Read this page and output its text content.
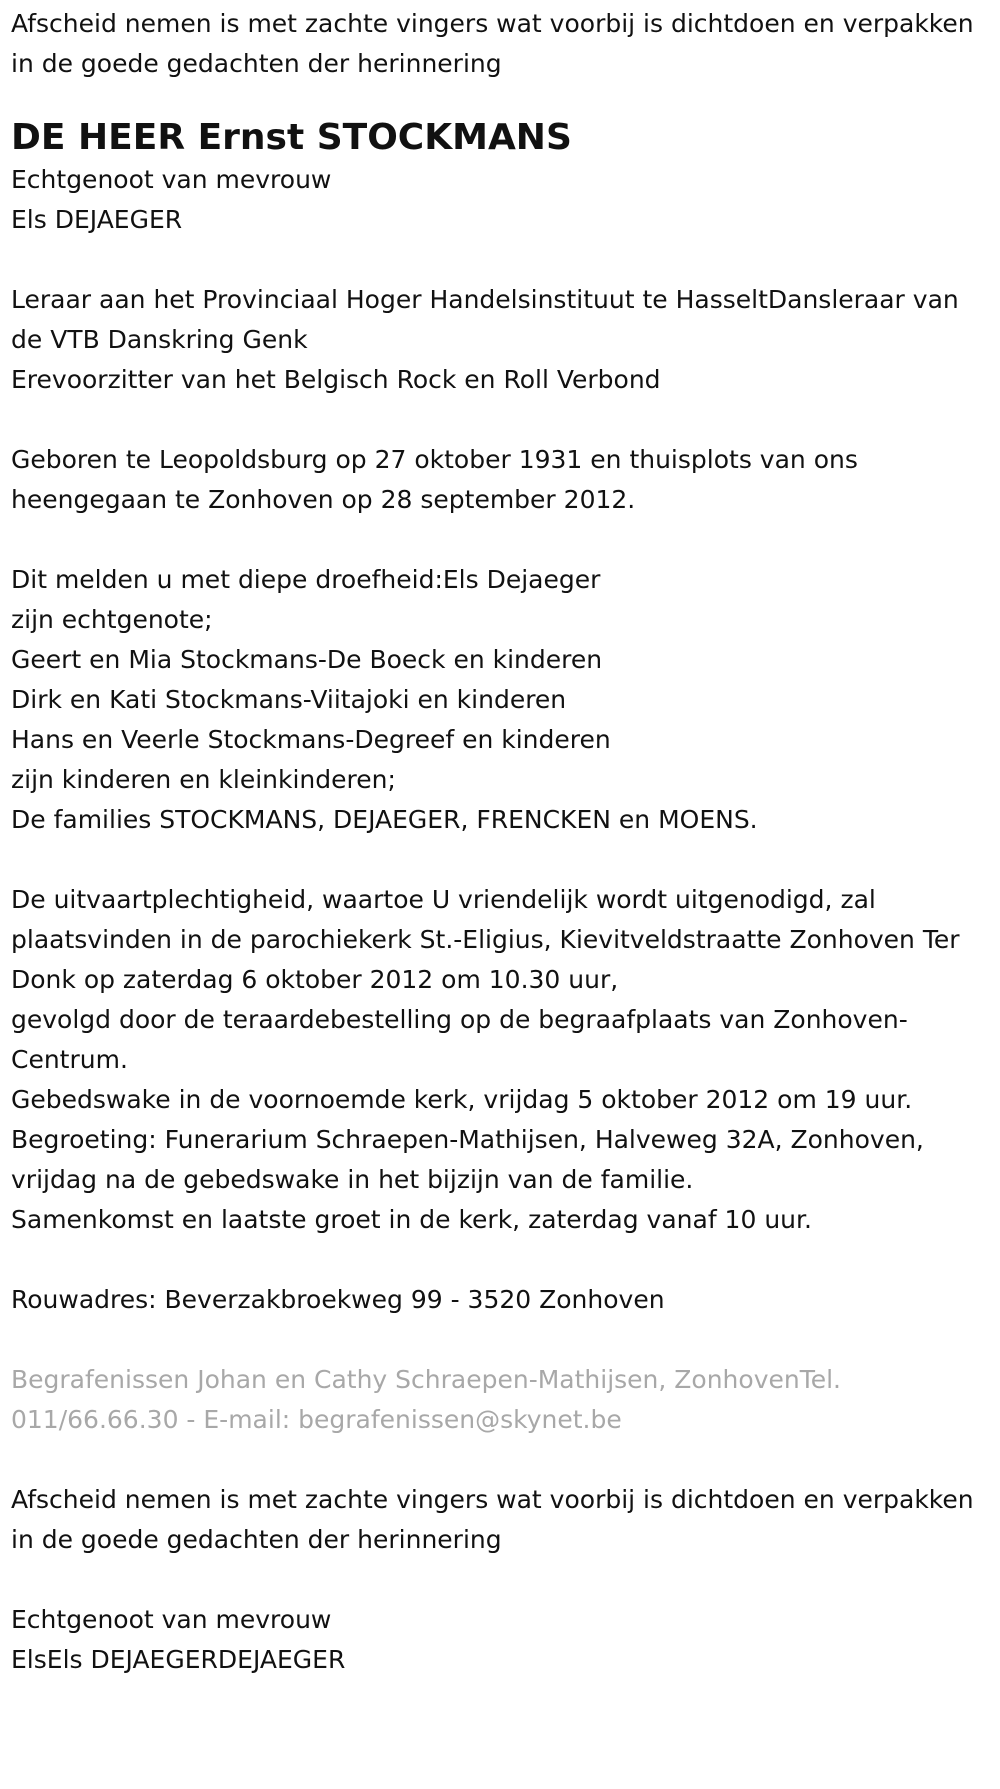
Afscheid nemen is met zachte vingers wat voorbij is dichtdoen en verpakken

in de goede gedachten der herinnering

DE HEER Ernst STOCKMANS

Echtgenoot van mevrouw

Els DEJAEGER

Leraar aan het Provinciaal Hoger Handelsinstituut te HasseltDansleraar van de VTB Danskring Genk

Erevoorzitter van het Belgisch Rock en Roll Verbond

Geboren te Leopoldsburg op 27 oktober 1931 en thuisplots van ons heengegaan te Zonhoven op 28 september 2012.

Dit melden u met diepe droefheid:Els Dejaeger

zijn echtgenote;

Geert en Mia Stockmans-De Boeck en kinderen

Dirk en Kati Stockmans-Viitajoki en kinderen

Hans en Veerle Stockmans-Degreef en kinderen

zijn kinderen en kleinkinderen;

De families STOCKMANS, DEJAEGER, FRENCKEN en MOENS.

De uitvaartplechtigheid, waartoe U vriendelijk wordt uitgenodigd, zal plaatsvinden in de parochiekerk St.-Eligius, Kievitveldstraatte Zonhoven Ter Donk op zaterdag 6 oktober 2012 om 10.30 uur,

gevolgd door de teraardebestelling op de begraafplaats van Zonhoven-Centrum.

Gebedswake in de voornoemde kerk, vrijdag 5 oktober 2012 om 19 uur.

Begroeting: Funerarium Schraepen-Mathijsen, Halveweg 32A, Zonhoven, vrijdag na de gebedswake in het bijzijn van de familie.

Samenkomst en laatste groet in de kerk, zaterdag vanaf 10 uur.

Rouwadres: Beverzakbroekweg 99 - 3520 Zonhoven

Begrafenissen Johan en Cathy Schraepen-Mathijsen, ZonhovenTel. 011/66.66.30 - E-mail: begrafenissen@skynet.be

Afscheid nemen is met zachte vingers wat voorbij is dichtdoen en verpakken

in de goede gedachten der herinnering

Echtgenoot van mevrouw

ElsEls DEJAEGERDEJAEGER
